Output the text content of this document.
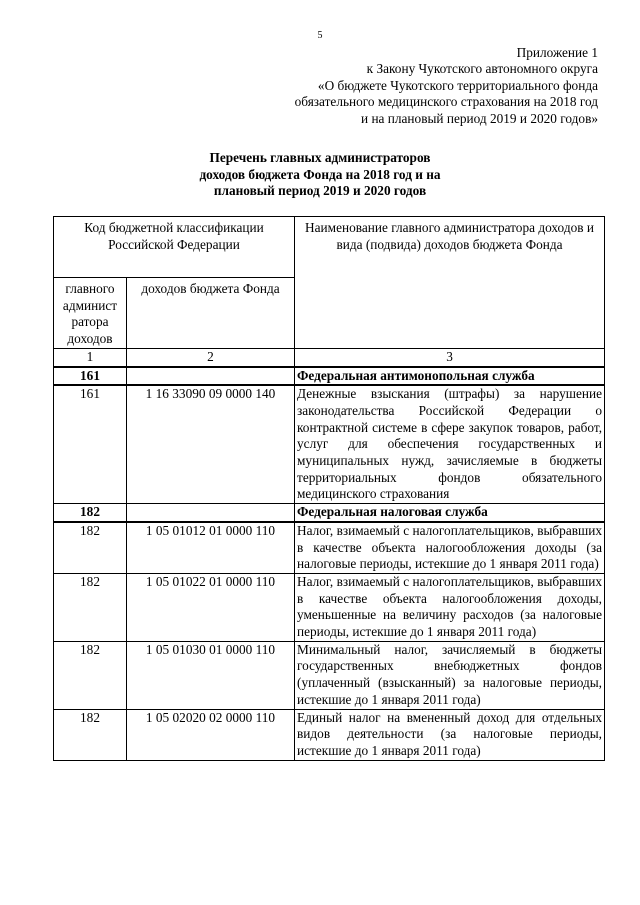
5
Приложение 1
к Закону Чукотского автономного округа
«О бюджете Чукотского территориального фонда
обязательного медицинского страхования на 2018 год
и на плановый период 2019 и 2020 годов»
Перечень главных администраторов
доходов бюджета Фонда на 2018 год и на
плановый период 2019 и 2020 годов
Код бюджетной классификации Российской Федерации		Наименование главного администратора доходов и вида (подвида) доходов бюджета Фонда
главного админист ратора доходов	доходов бюджета Фонда	
1	2	3
161		Федеральная антимонопольная служба
161	1 16 33090 09 0000 140	Денежные взыскания (штрафы) за нарушение законодательства Российской Федерации о контрактной системе в сфере закупок товаров, работ, услуг для обеспечения государственных и муниципальных нужд, зачисляемые в бюджеты территориальных фондов обязательного медицинского страхования
182		Федеральная налоговая служба
182	1 05 01012 01 0000 110	Налог, взимаемый с налогоплательщиков, выбравших в качестве объекта налогообложения доходы (за налоговые периоды, истекшие до 1 января 2011 года)
182	1 05 01022 01 0000 110	Налог, взимаемый с налогоплательщиков, выбравших в качестве объекта налогообложения доходы, уменьшенные на величину расходов (за налоговые периоды, истекшие до 1 января 2011 года)
182	1 05 01030 01 0000 110	Минимальный налог, зачисляемый в бюджеты государственных внебюджетных фондов (уплаченный (взысканный) за налоговые периоды, истекшие до 1 января 2011 года)
182	1 05 02020 02 0000 110	Единый налог на вмененный доход для отдельных видов деятельности (за налоговые периоды, истекшие до 1 января 2011 года)
